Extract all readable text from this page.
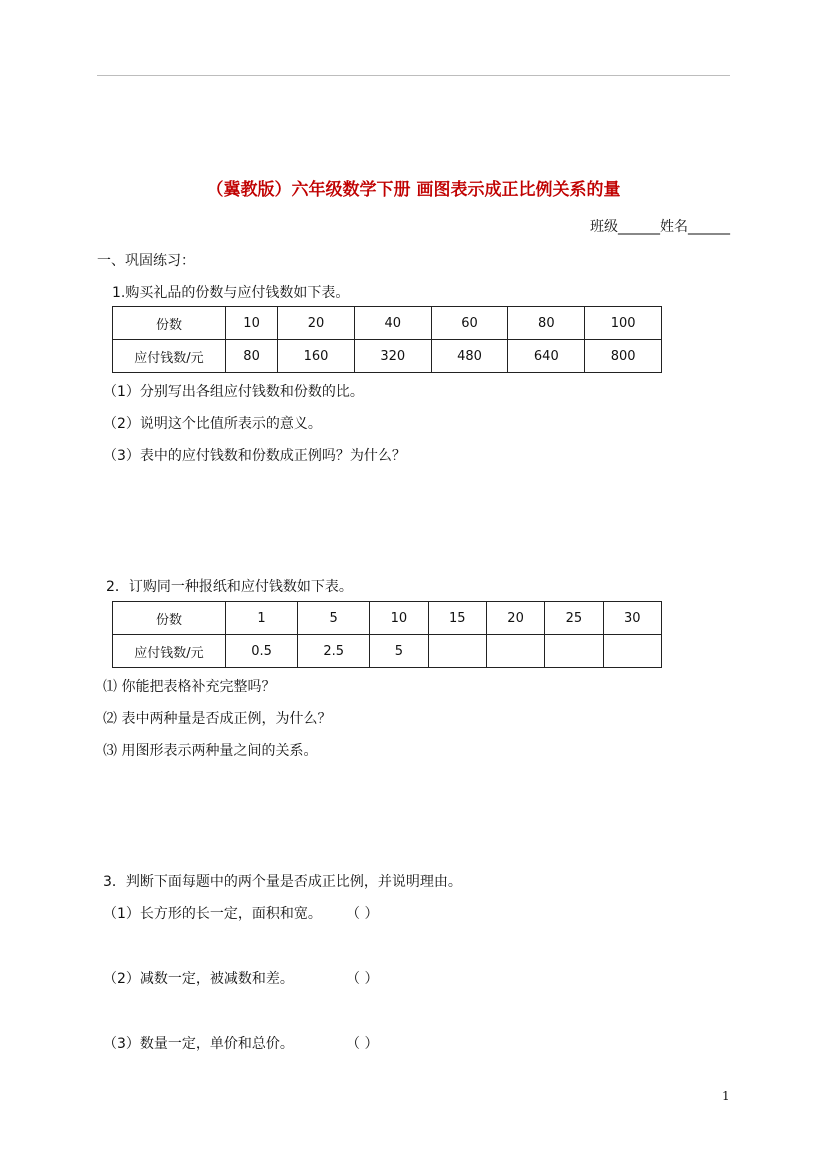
（冀教版）六年级数学下册 画图表示成正比例关系的量
班级______姓名______
一、巩固练习：
1.购买礼品的份数与应付钱数如下表。
份数	10	20	40	60	80	100
应付钱数/元	80	160	320	480	640	800
（1）分别写出各组应付钱数和份数的比。
（2）说明这个比值所表示的意义。
（3）表中的应付钱数和份数成正例吗？为什么？
2．订购同一种报纸和应付钱数如下表。
份数	1	5	10	15	20	25	30
应付钱数/元	0.5	2.5	5				
⑴ 你能把表格补充完整吗？
⑵ 表中两种量是否成正例，为什么？
⑶ 用图形表示两种量之间的关系。
3．判断下面每题中的两个量是否成正比例，并说明理由。
（1）长方形的长一定，面积和宽。 （ ）
（2）减数一定，被减数和差。	（ ）
（3）数量一定，单价和总价。	（ ）
1
